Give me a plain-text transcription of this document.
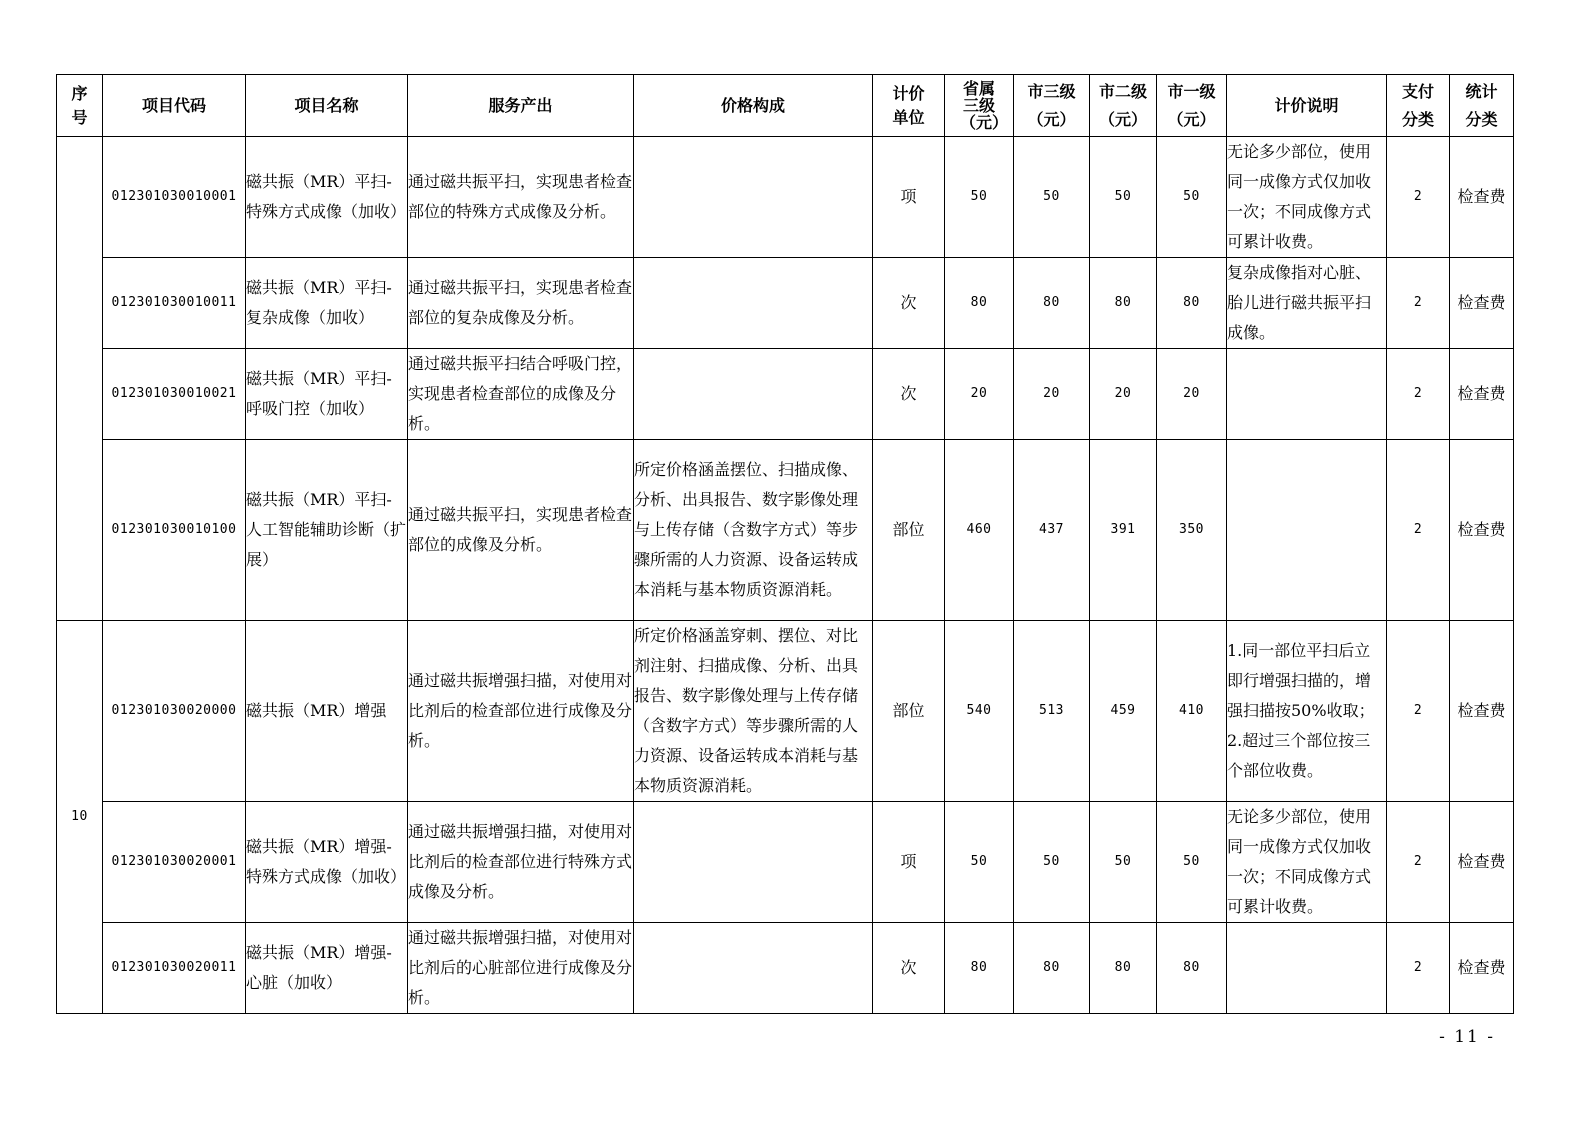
序号	项目代码	项目名称	服务产出	价格构成	计价单位	省属三级（元）	市三级（元）	市二级（元）	市一级（元）	计价说明	支付分类	统计分类
	012301030010001	磁共振（MR）平扫-特殊方式成像（加收）	通过磁共振平扫，实现患者检查部位的特殊方式成像及分析。		项	50	50	50	50	无论多少部位，使用同一成像方式仅加收一次；不同成像方式可累计收费。	2	检查费
	012301030010011	磁共振（MR）平扫-复杂成像（加收）	通过磁共振平扫，实现患者检查部位的复杂成像及分析。		次	80	80	80	80	复杂成像指对心脏、胎儿进行磁共振平扫成像。	2	检查费
	012301030010021	磁共振（MR）平扫-呼吸门控（加收）	通过磁共振平扫结合呼吸门控，实现患者检查部位的成像及分析。		次	20	20	20	20		2	检查费
	012301030010100	磁共振（MR）平扫-人工智能辅助诊断（扩展）	通过磁共振平扫，实现患者检查部位的成像及分析。	所定价格涵盖摆位、扫描成像、分析、出具报告、数字影像处理与上传存储（含数字方式）等步骤所需的人力资源、设备运转成本消耗与基本物质资源消耗。	部位	460	437	391	350		2	检查费
10	012301030020000	磁共振（MR）增强	通过磁共振增强扫描，对使用对比剂后的检查部位进行成像及分析。	所定价格涵盖穿刺、摆位、对比剂注射、扫描成像、分析、出具报告、数字影像处理与上传存储（含数字方式）等步骤所需的人力资源、设备运转成本消耗与基本物质资源消耗。	部位	540	513	459	410	1.同一部位平扫后立即行增强扫描的，增强扫描按50%收取；2.超过三个部位按三个部位收费。	2	检查费
	012301030020001	磁共振（MR）增强-特殊方式成像（加收）	通过磁共振增强扫描，对使用对比剂后的检查部位进行特殊方式成像及分析。		项	50	50	50	50	无论多少部位，使用同一成像方式仅加收一次；不同成像方式可累计收费。	2	检查费
	012301030020011	磁共振（MR）增强-心脏（加收）	通过磁共振增强扫描，对使用对比剂后的心脏部位进行成像及分析。		次	80	80	80	80		2	检查费
- 11 -
